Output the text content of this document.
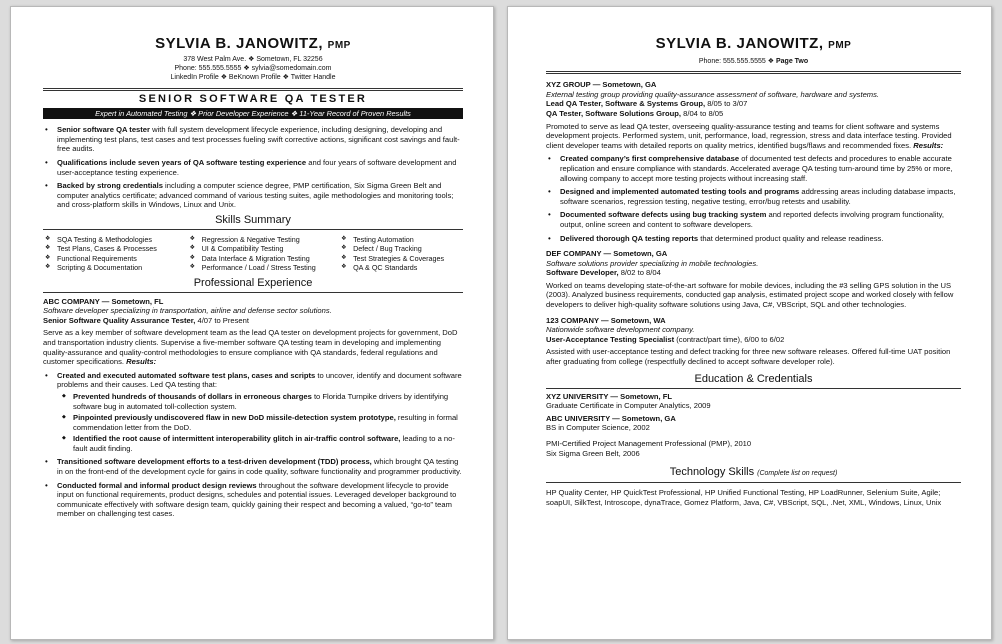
SYLVIA B. JANOWITZ, PMP
378 West Palm Ave. ❖ Sometown, FL 32256
Phone: 555.555.5555 ❖ sylvia@somedomain.com
LinkedIn Profile ❖ BeKnown Profile ❖ Twitter Handle
SENIOR SOFTWARE QA TESTER
Expert in Automated Testing ❖ Prior Developer Experience ❖ 11-Year Record of Proven Results
• Senior software QA tester with full system development lifecycle experience, including designing, developing and implementing test plans, test cases and test processes fueling swift corrective actions, significant cost savings and fault-free audits.
• Qualifications include seven years of QA software testing experience and four years of software development and user-acceptance testing experience.
• Backed by strong credentials including a computer science degree, PMP certification, Six Sigma Green Belt and computer analytics certificate; advanced command of various testing suites, agile methodologies and monitoring tools; and cross-platform skills in Windows, Linux and Unix.
Skills Summary
❖ SQA Testing & Methodologies
❖ Test Plans, Cases & Processes
❖ Functional Requirements
❖ Scripting & Documentation
❖ Regression & Negative Testing
❖ UI & Compatibility Testing
❖ Data Interface & Migration Testing
❖ Performance / Load / Stress Testing
❖ Testing Automation
❖ Defect / Bug Tracking
❖ Test Strategies & Coverages
❖ QA & QC Standards
Professional Experience
ABC COMPANY — Sometown, FL
Software developer specializing in transportation, airline and defense sector solutions.
Senior Software Quality Assurance Tester, 4/07 to Present
Serve as a key member of software development team as the lead QA tester on development projects for government, DoD and transportation industry clients. Supervise a five-member software QA testing team in developing and implementing quality-assurance and quality-control methodologies to ensure compliance with QA standards, federal regulations and customer specifications. Results:
• Created and executed automated software test plans, cases and scripts to uncover, identify and document software problems and their causes. Led QA testing that:
◆ Prevented hundreds of thousands of dollars in erroneous charges to Florida Turnpike drivers by identifying software bug in automated toll-collection system.
◆ Pinpointed previously undiscovered flaw in new DoD missile-detection system prototype, resulting in formal commendation letter from the DoD.
◆ Identified the root cause of intermittent interoperability glitch in air-traffic control software, leading to a no-fault audit finding.
• Transitioned software development efforts to a test-driven development (TDD) process, which brought QA testing in on the front-end of the development cycle for gains in code quality, software functionality and programmer productivity.
• Conducted formal and informal product design reviews throughout the software development lifecycle to provide input on functional requirements, product designs, schedules and potential issues. Leveraged developer background to communicate effectively with software design team, quickly gaining their respect and becoming a valued, “go-to” team member on challenging test cases.
SYLVIA B. JANOWITZ, PMP
Phone: 555.555.5555 ❖ Page Two
XYZ GROUP — Sometown, GA
External testing group providing quality-assurance assessment of software, hardware and systems.
Lead QA Tester, Software & Systems Group, 8/05 to 3/07
QA Tester, Software Solutions Group, 8/04 to 8/05
Promoted to serve as lead QA tester, overseeing quality-assurance testing and teams for client software and systems development projects. Performed system, unit, performance, load, regression, stress and data interface testing. Provided client developer teams with detailed reports on quality metrics, identified bugs/flaws and recommended fixes. Results:
• Created company’s first comprehensive database of documented test defects and procedures to enable accurate replication and ensure compliance with standards. Accelerated average QA testing turn-around time by 25% or more, allowing company to accept more testing projects without increasing staff.
• Designed and implemented automated testing tools and programs addressing areas including database impacts, software scenarios, regression testing, negative testing, error/bug retests and usability.
• Documented software defects using bug tracking system and reported defects involving program functionality, output, online screen and content to software developers.
• Delivered thorough QA testing reports that determined product quality and release readiness.
DEF COMPANY — Sometown, GA
Software solutions provider specializing in mobile technologies.
Software Developer, 8/02 to 8/04
Worked on teams developing state-of-the-art software for mobile devices, including the #3 selling GPS solution in the US (2003). Analyzed business requirements, conducted gap analysis, estimated project scope and worked closely with fellow developers to deliver high-quality software solutions using Java, C#, VBScript, SQL and other technologies.
123 COMPANY — Sometown, WA
Nationwide software development company.
User-Acceptance Testing Specialist (contract/part time), 6/00 to 6/02
Assisted with user-acceptance testing and defect tracking for three new software releases. Offered full-time UAT position after graduating from college (respectfully declined to accept software developer role).
Education & Credentials
XYZ UNIVERSITY — Sometown, FL
Graduate Certificate in Computer Analytics, 2009
ABC UNIVERSITY — Sometown, GA
BS in Computer Science, 2002
PMI-Certified Project Management Professional (PMP), 2010
Six Sigma Green Belt, 2006
Technology Skills (Complete list on request)
HP Quality Center, HP QuickTest Professional, HP Unified Functional Testing, HP LoadRunner, Selenium Suite, Agile; soapUI, SilkTest, Introscope, dynaTrace, Gomez Platform, Java, C#, VBScript, SQL, .Net, XML, Windows, Linux, Unix
